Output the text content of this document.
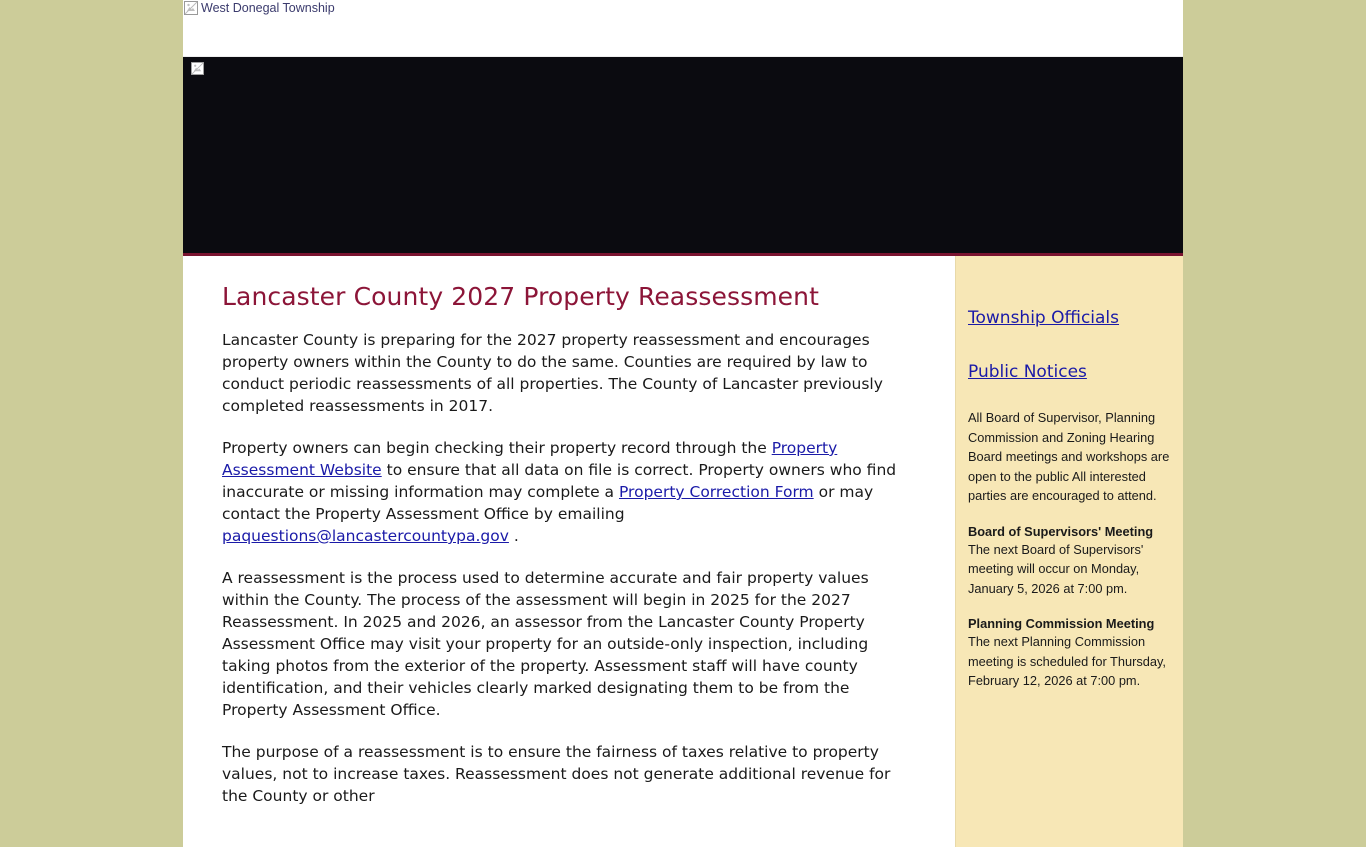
West Donegal Township
Lancaster County 2027 Property Reassessment

Lancaster County is preparing for the 2027 property reassessment and encourages property owners within the County to do the same. Counties are required by law to conduct periodic reassessments of all properties. The County of Lancaster previously completed reassessments in 2017.

Property owners can begin checking their property record through the Property Assessment Website to ensure that all data on file is correct. Property owners who find inaccurate or missing information may complete a Property Correction Form or may contact the Property Assessment Office by emailing paquestions@lancastercountypa.gov .

A reassessment is the process used to determine accurate and fair property values within the County. The process of the assessment will begin in 2025 for the 2027 Reassessment. In 2025 and 2026, an assessor from the Lancaster County Property Assessment Office may visit your property for an outside-only inspection, including taking photos from the exterior of the property. Assessment staff will have county identification, and their vehicles clearly marked designating them to be from the Property Assessment Office.

The purpose of a reassessment is to ensure the fairness of taxes relative to property values, not to increase taxes. Reassessment does not generate additional revenue for the County or other

Township Officials
Public Notices

All Board of Supervisor, Planning Commission and Zoning Hearing Board meetings and workshops are open to the public All interested parties are encouraged to attend.

Board of Supervisors' Meeting
The next Board of Supervisors' meeting will occur on Monday, January 5, 2026 at 7:00 pm.
Planning Commission Meeting
The next Planning Commission meeting is scheduled for Thursday, February 12, 2026 at 7:00 pm.
